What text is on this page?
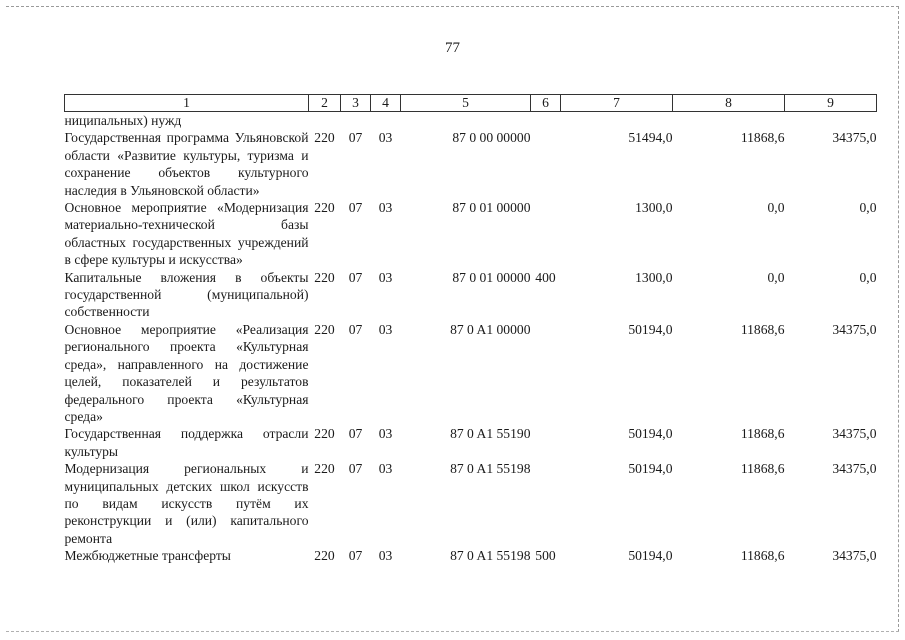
77
1	2	3	4	5	6	7	8	9
ниципальных) нужд								
Государственная программа Ульяновской области «Развитие культуры, туризма и сохранение объектов культурного наследия в Ульяновской области»	220	07	03	87 0 00 00000		51494,0	11868,6	34375,0
Основное мероприятие «Модернизация материально-технической базы областных государственных учреждений в сфере культуры и искусства»	220	07	03	87 0 01 00000		1300,0	0,0	0,0
Капитальные вложения в объекты государственной (муниципальной) собственности	220	07	03	87 0 01 00000	400	1300,0	0,0	0,0
Основное мероприятие «Реализация регионального проекта «Культурная среда», направленного на достижение целей, показателей и результатов федерального проекта «Культурная среда»	220	07	03	87 0 A1 00000		50194,0	11868,6	34375,0
Государственная поддержка отрасли культуры	220	07	03	87 0 A1 55190		50194,0	11868,6	34375,0
Модернизация региональных и муниципальных детских школ искусств по видам искусств путём их реконструкции и (или) капитального ремонта	220	07	03	87 0 A1 55198		50194,0	11868,6	34375,0
Межбюджетные трансферты	220	07	03	87 0 A1 55198	500	50194,0	11868,6	34375,0
